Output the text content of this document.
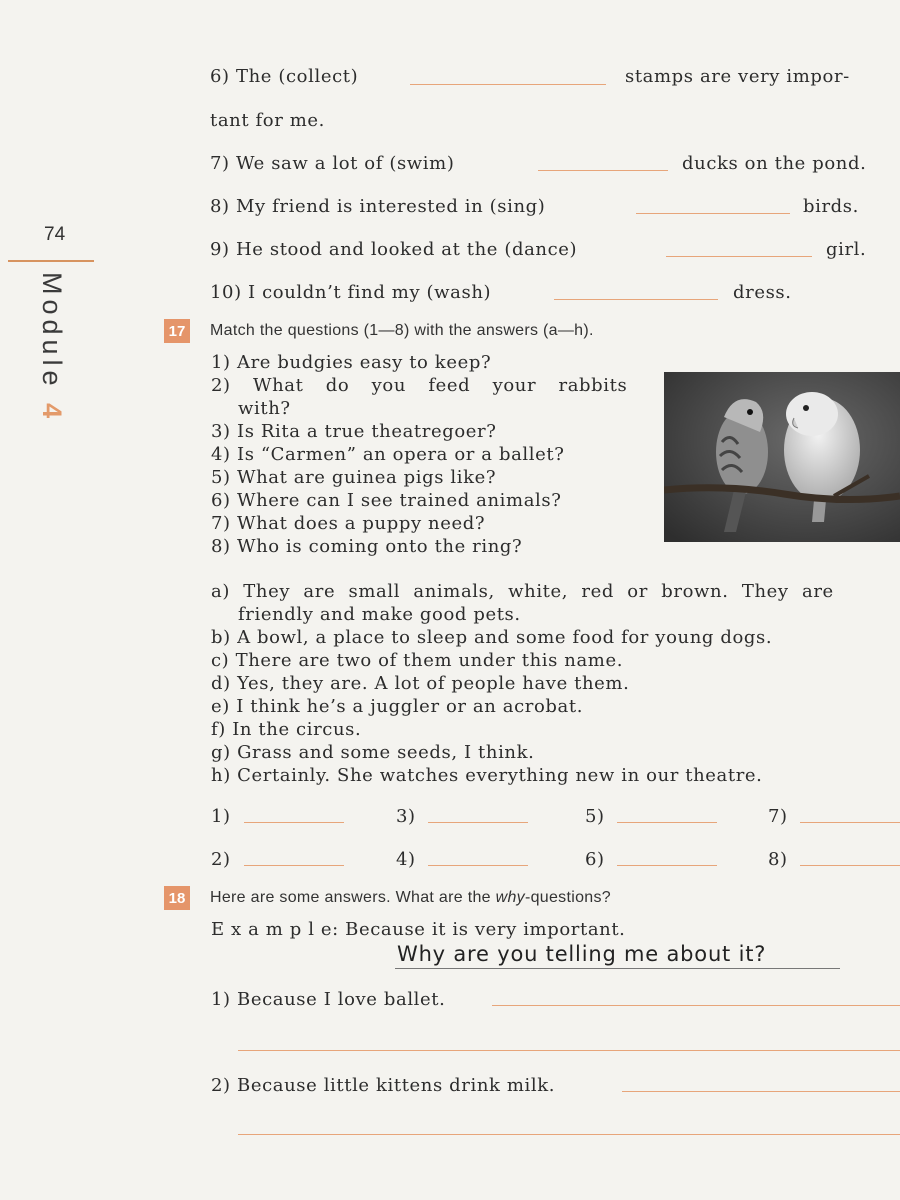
74
Module 4
6) The (collect)	stamps are very impor-
tant for me.
7) We saw a lot of (swim)	ducks on the pond.
8) My friend is interested in (sing)	birds.
9) He stood and looked at the (dance)	girl.
10) I couldn’t find my (wash)	dress.
17 Match the questions (1—8) with the answers (a—h).
1) Are budgies easy to keep?
2) What do you feed your rabbits
with?
3) Is Rita a true theatregoer?
4) Is “Carmen” an opera or a ballet?
5) What are guinea pigs like?
6) Where can I see trained animals?
7) What does a puppy need?
8) Who is coming onto the ring?
a) They are small animals, white, red or brown. They are
friendly and make good pets.
b) A bowl, a place to sleep and some food for young dogs.
c) There are two of them under this name.
d) Yes, they are. A lot of people have them.
e) I think he’s a juggler or an acrobat.
f) In the circus.
g) Grass and some seeds, I think.
h) Certainly. She watches everything new in our theatre.
1)	3)	5)	7)
2)	4)	6)	8)
18 Here are some answers. What are the why-questions?
E x a m p l e: Because it is very important.
Why are you telling me about it?
1) Because I love ballet.
2) Because little kittens drink milk.
